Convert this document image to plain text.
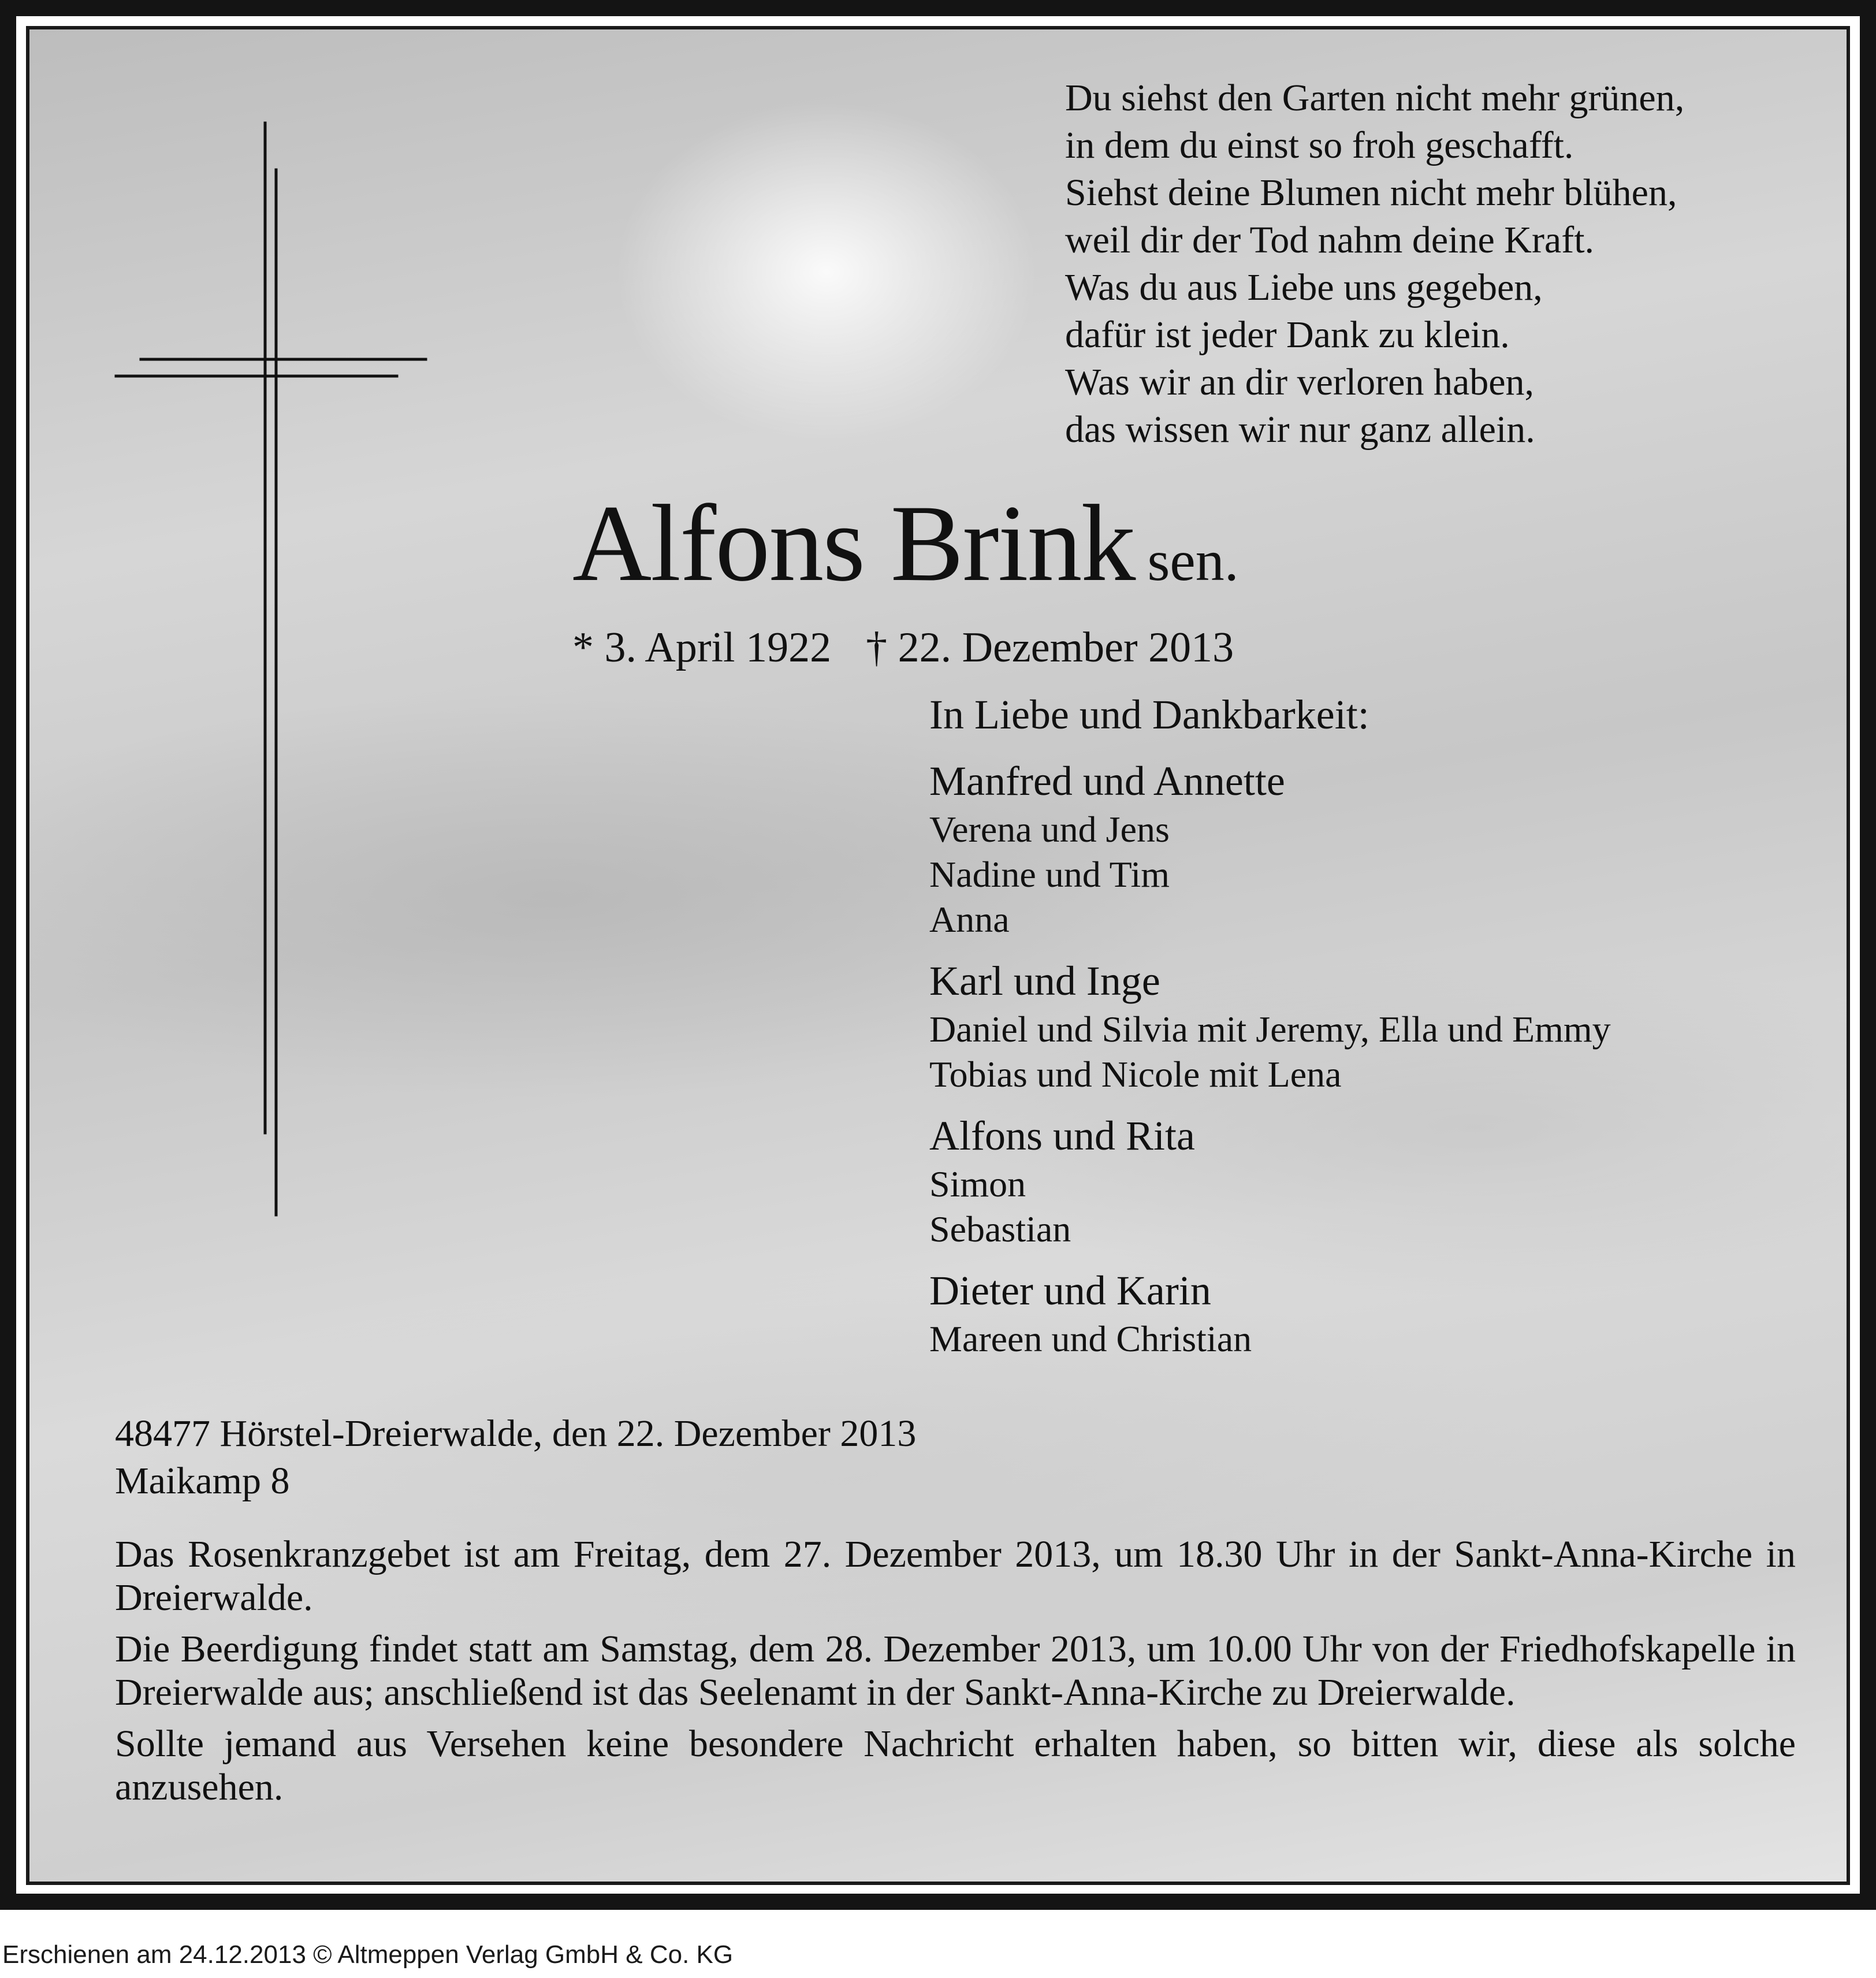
Du siehst den Garten nicht mehr grünen,
in dem du einst so froh geschafft.
Siehst deine Blumen nicht mehr blühen,
weil dir der Tod nahm deine Kraft.
Was du aus Liebe uns gegeben,
dafür ist jeder Dank zu klein.
Was wir an dir verloren haben,
das wissen wir nur ganz allein.
Alfons Brink sen.
* 3. April 1922 † 22. Dezember 2013
In Liebe und Dankbarkeit:
Manfred und Annette
Verena und Jens
Nadine und Tim
Anna
Karl und Inge
Daniel und Silvia mit Jeremy, Ella und Emmy
Tobias und Nicole mit Lena
Alfons und Rita
Simon
Sebastian
Dieter und Karin
Mareen und Christian
48477 Hörstel-Dreierwalde, den 22. Dezember 2013
Maikamp 8

Das Rosenkranzgebet ist am Freitag, dem 27. Dezember 2013, um 18.30 Uhr in der Sankt-Anna-Kirche in Dreierwalde.

Die Beerdigung findet statt am Samstag, dem 28. Dezember 2013, um 10.00 Uhr von der Friedhofskapelle in Dreierwalde aus; anschließend ist das Seelenamt in der Sankt-Anna-Kirche zu Dreierwalde.

Sollte jemand aus Versehen keine besondere Nachricht erhalten haben, so bitten wir, diese als solche anzusehen.

Erschienen am 24.12.2013 © Altmeppen Verlag GmbH & Co. KG
